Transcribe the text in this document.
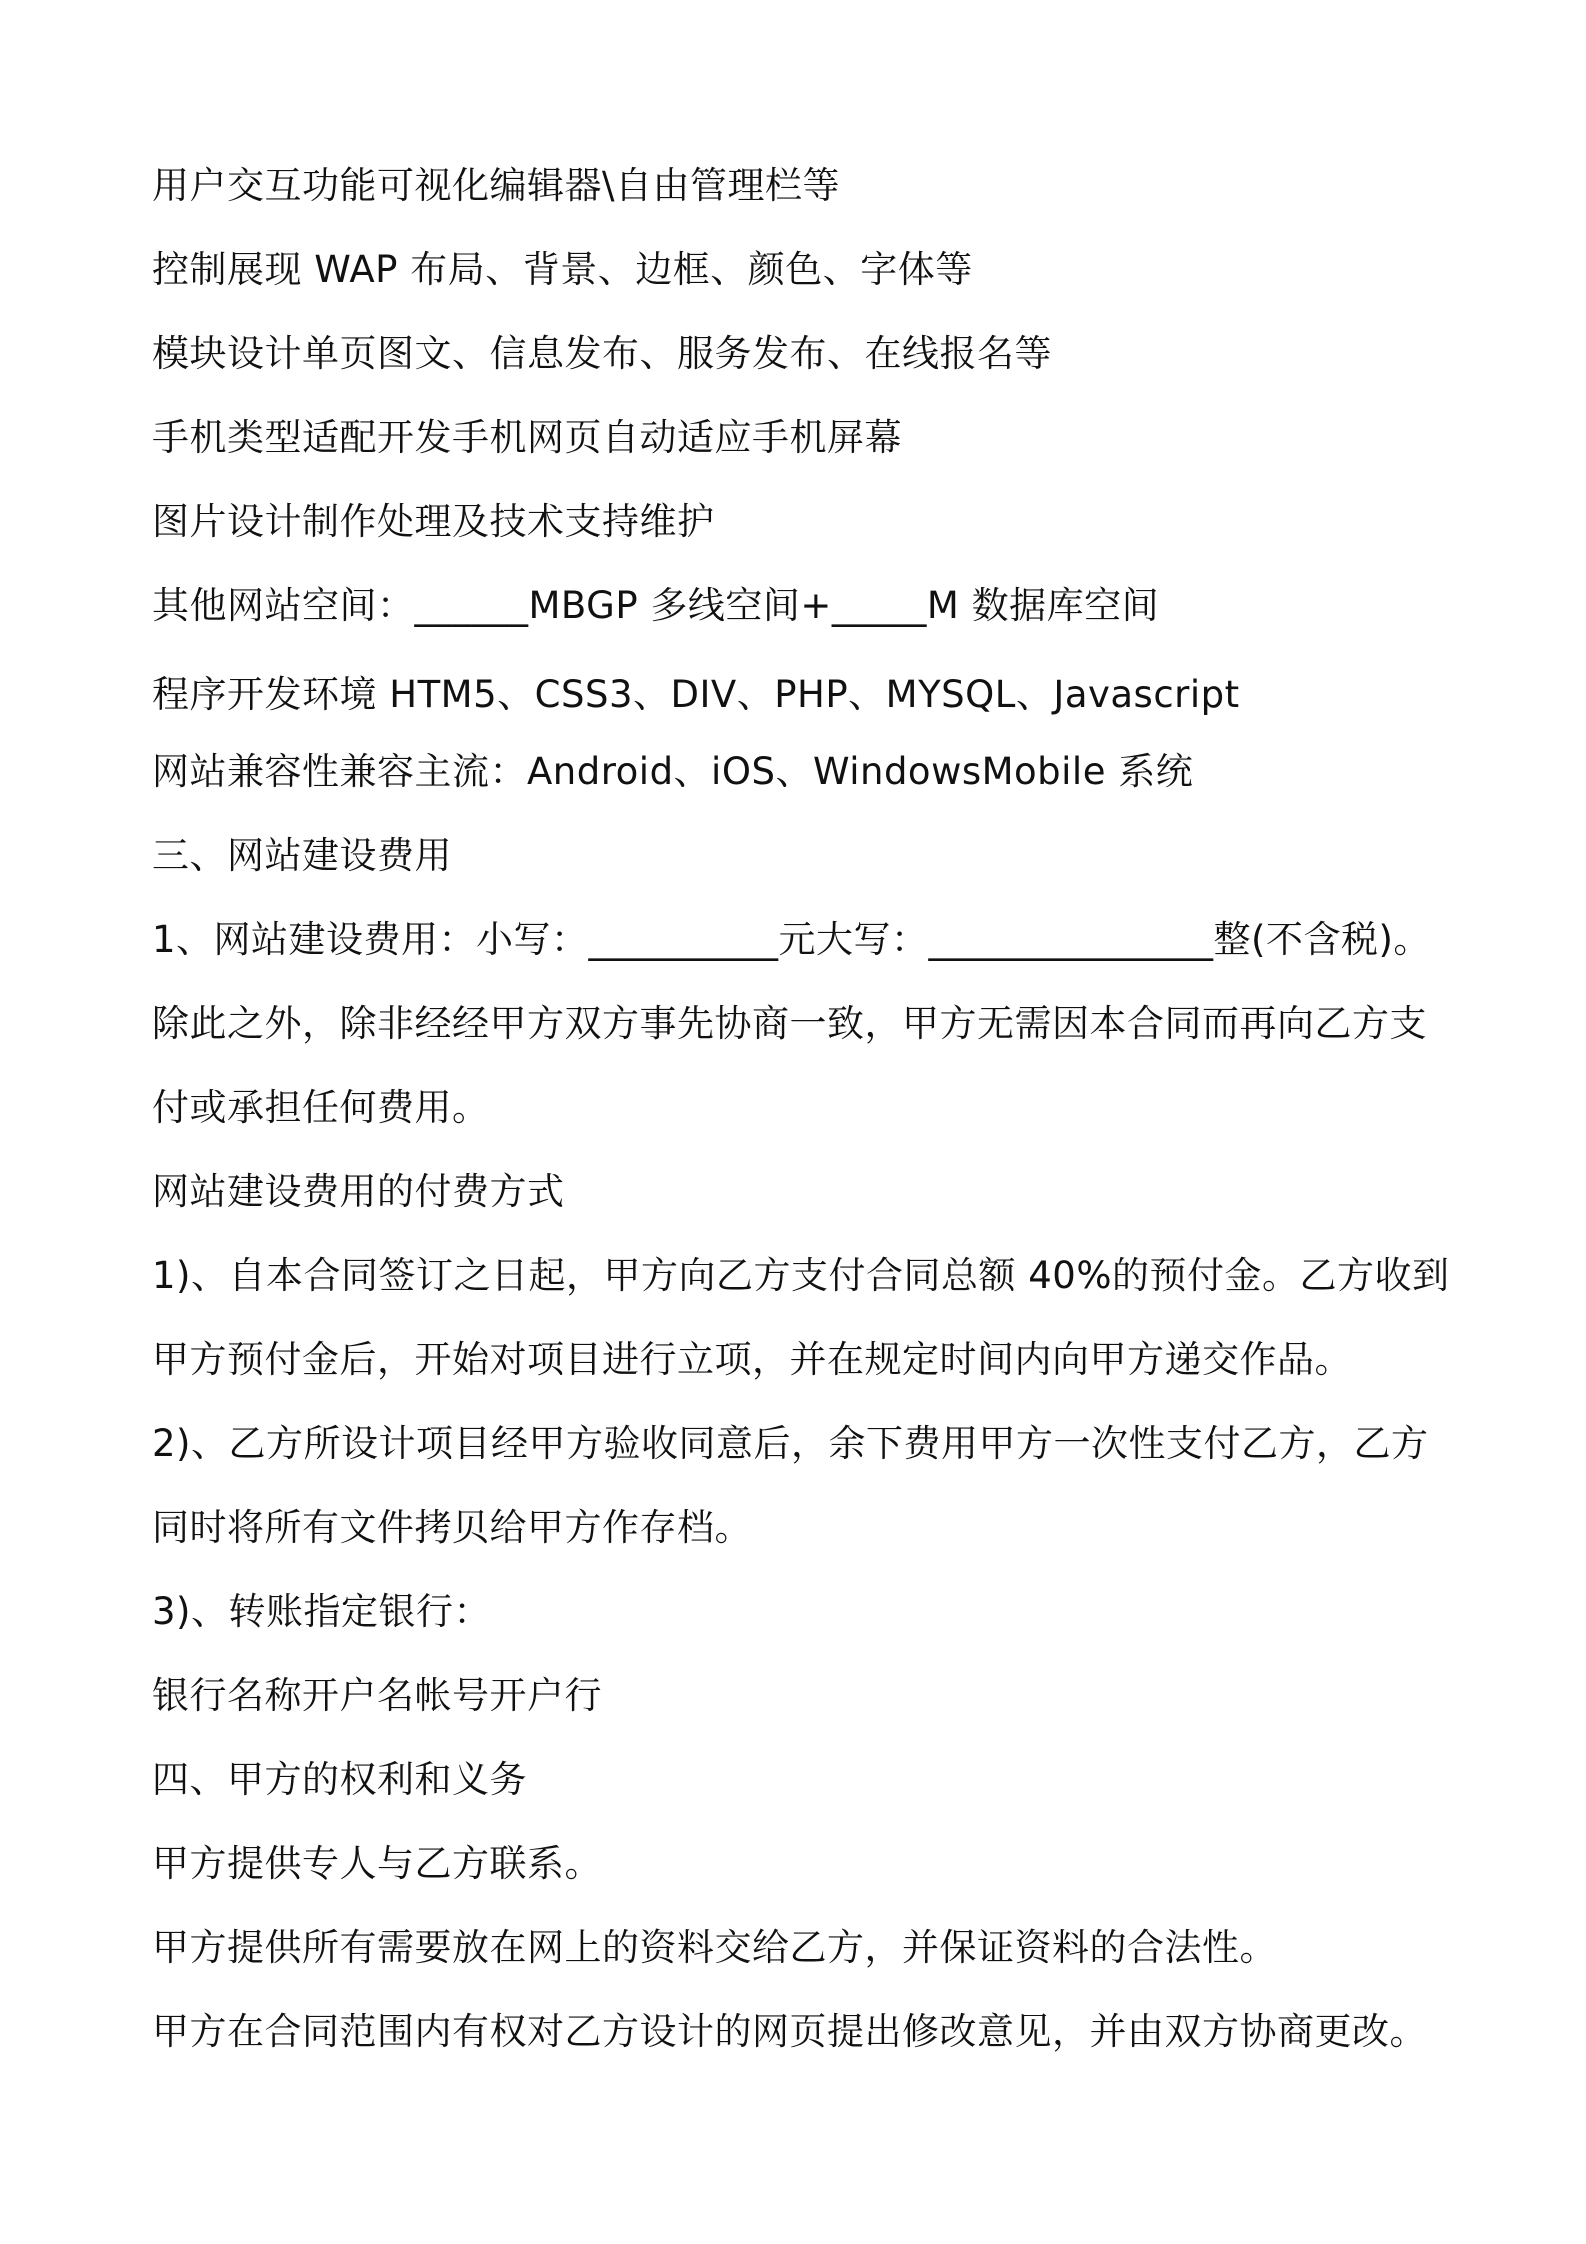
用户交互功能可视化编辑器\自由管理栏等
控制展现 WAP 布局、背景、边框、颜色、字体等
模块设计单页图文、信息发布、服务发布、在线报名等
手机类型适配开发手机网页自动适应手机屏幕
图片设计制作处理及技术支持维护
其他网站空间：______MBGP 多线空间+_____M 数据库空间
程序开发环境 HTM5、CSS3、DIV、PHP、MYSQL、Javascript
网站兼容性兼容主流：Android、iOS、WindowsMobile 系统
三、网站建设费用
1、网站建设费用：小写：__________元大写：_______________整(不含税)。
除此之外，除非经经甲方双方事先协商一致，甲方无需因本合同而再向乙方支
付或承担任何费用。
网站建设费用的付费方式
1)、自本合同签订之日起，甲方向乙方支付合同总额 40%的预付金。乙方收到
甲方预付金后，开始对项目进行立项，并在规定时间内向甲方递交作品。
2)、乙方所设计项目经甲方验收同意后，余下费用甲方一次性支付乙方，乙方
同时将所有文件拷贝给甲方作存档。
3)、转账指定银行：
银行名称开户名帐号开户行
四、甲方的权利和义务
甲方提供专人与乙方联系。
甲方提供所有需要放在网上的资料交给乙方，并保证资料的合法性。
甲方在合同范围内有权对乙方设计的网页提出修改意见，并由双方协商更改。
